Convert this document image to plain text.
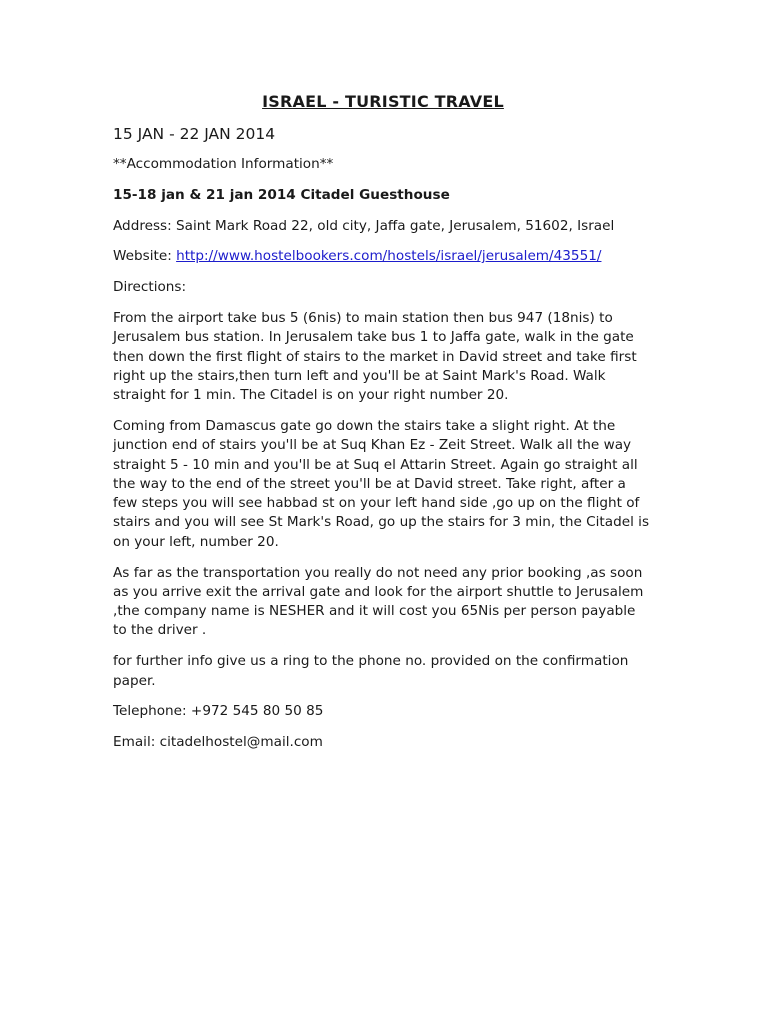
ISRAEL - TURISTIC TRAVEL
15 JAN - 22 JAN 2014

**Accommodation Information**

15-18 jan & 21 jan 2014 Citadel Guesthouse

Address: Saint Mark Road 22, old city, Jaffa gate, Jerusalem, 51602, Israel

Website: http://www.hostelbookers.com/hostels/israel/jerusalem/43551/

Directions:

From the airport take bus 5 (6nis) to main station then bus 947 (18nis) to Jerusalem bus station. In Jerusalem take bus 1 to Jaffa gate, walk in the gate then down the first flight of stairs to the market in David street and take first right up the stairs,then turn left and you'll be at Saint Mark's Road. Walk straight for 1 min. The Citadel is on your right number 20.

Coming from Damascus gate go down the stairs take a slight right. At the junction end of stairs you'll be at Suq Khan Ez - Zeit Street. Walk all the way straight 5 - 10 min and you'll be at Suq el Attarin Street. Again go straight all the way to the end of the street you'll be at David street. Take right, after a few steps you will see habbad st on your left hand side ,go up on the flight of stairs and you will see St Mark's Road, go up the stairs for 3 min, the Citadel is on your left, number 20.

As far as the transportation you really do not need any prior booking ,as soon as you arrive exit the arrival gate and look for the airport shuttle to Jerusalem ,the company name is NESHER and it will cost you 65Nis per person payable to the driver .

for further info give us a ring to the phone no. provided on the confirmation paper.

Telephone: +972 545 80 50 85

Email: citadelhostel@mail.com
